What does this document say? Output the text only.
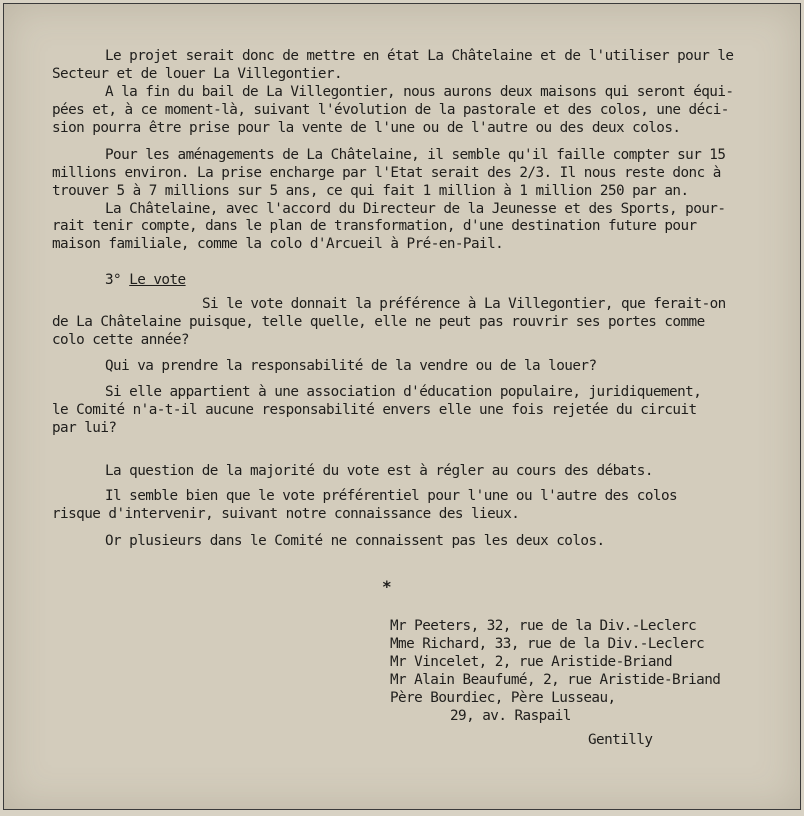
Le projet serait donc de mettre en état La Châtelaine et de l'utiliser pour le
Secteur et de louer La Villegontier.
A la fin du bail de La Villegontier, nous aurons deux maisons qui seront équi-
pées et, à ce moment-là, suivant l'évolution de la pastorale et des colos, une déci-
sion pourra être prise pour la vente de l'une ou de l'autre ou des deux colos.
Pour les aménagements de La Châtelaine, il semble qu'il faille compter sur 15
millions environ. La prise encharge par l'Etat serait des 2/3. Il nous reste donc à
trouver 5 à 7 millions sur 5 ans, ce qui fait 1 million à 1 million 250 par an.
La Châtelaine, avec l'accord du Directeur de la Jeunesse et des Sports, pour-
rait tenir compte, dans le plan de transformation, d'une destination future pour
maison familiale, comme la colo d'Arcueil à Pré-en-Pail.
3° Le vote
Si le vote donnait la préférence à La Villegontier, que ferait-on
de La Châtelaine puisque, telle quelle, elle ne peut pas rouvrir ses portes comme
colo cette année?
Qui va prendre la responsabilité de la vendre ou de la louer?
Si elle appartient à une association d'éducation populaire, juridiquement,
le Comité n'a-t-il aucune responsabilité envers elle une fois rejetée du circuit
par lui?
La question de la majorité du vote est à régler au cours des débats.
Il semble bien que le vote préférentiel pour l'une ou l'autre des colos
risque d'intervenir, suivant notre connaissance des lieux.
Or plusieurs dans le Comité ne connaissent pas les deux colos.
*
Mr Peeters, 32, rue de la Div.-Leclerc
Mme Richard, 33, rue de la Div.-Leclerc
Mr Vincelet, 2, rue Aristide-Briand
Mr Alain Beaufumé, 2, rue Aristide-Briand
Père Bourdiec, Père Lusseau,
29, av. Raspail
Gentilly
